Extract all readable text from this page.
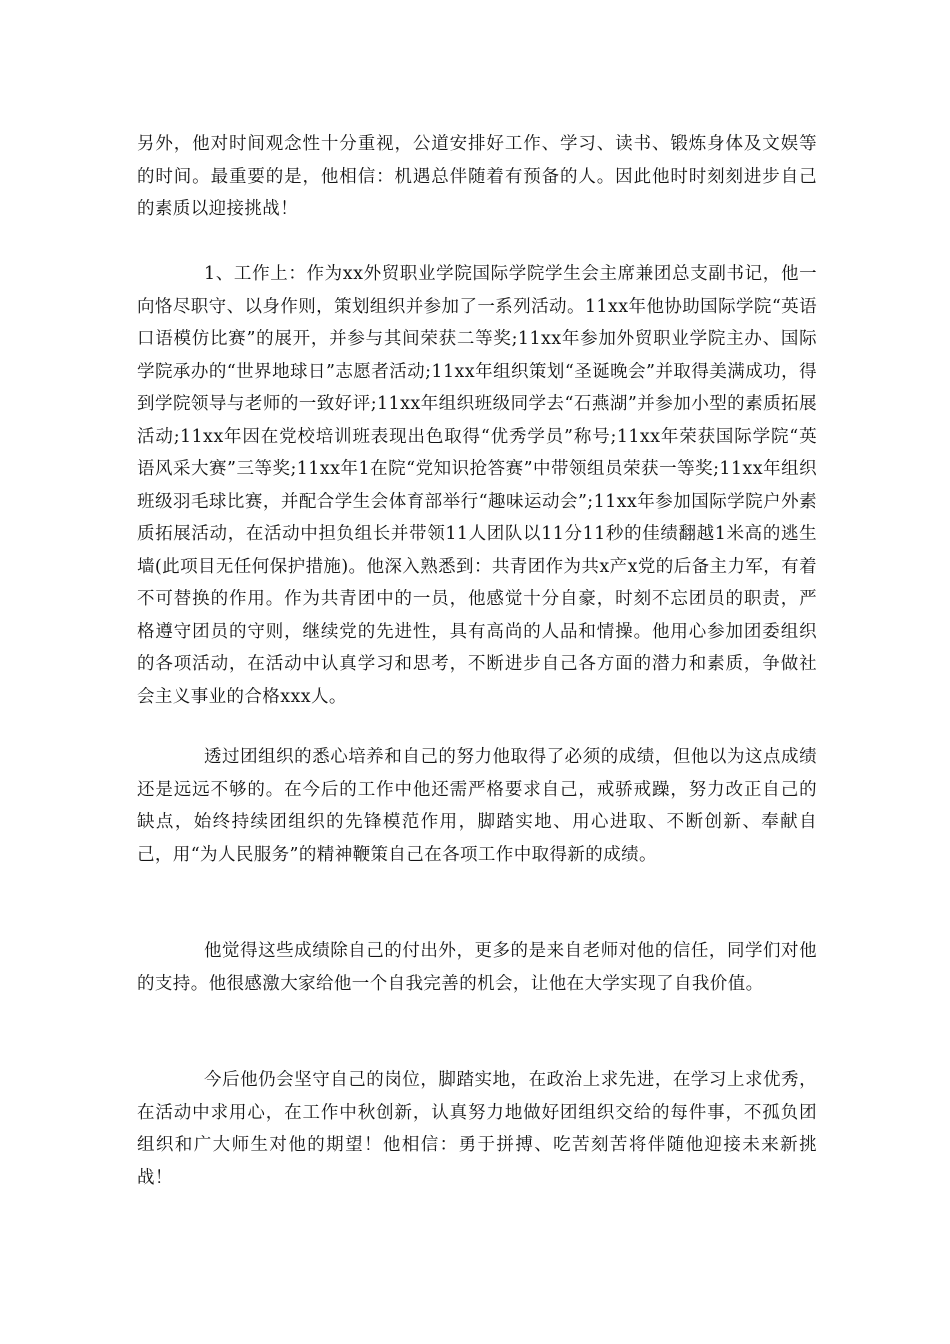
另外，他对时间观念性十分重视，公道安排好工作、学习、读书、锻炼身体及文娱等的时间。最重要的是，他相信：机遇总伴随着有预备的人。因此他时时刻刻进步自己的素质以迎接挑战！

1、工作上：作为xx外贸职业学院国际学院学生会主席兼团总支副书记，他一向恪尽职守、以身作则，策划组织并参加了一系列活动。11xx年他协助国际学院“英语口语模仿比赛”的展开，并参与其间荣获二等奖;11xx年参加外贸职业学院主办、国际学院承办的“世界地球日”志愿者活动;11xx年组织策划“圣诞晚会”并取得美满成功，得到学院领导与老师的一致好评;11xx年组织班级同学去“石燕湖”并参加小型的素质拓展活动;11xx年因在党校培训班表现出色取得“优秀学员”称号;11xx年荣获国际学院“英语风采大赛”三等奖;11xx年1在院“党知识抢答赛”中带领组员荣获一等奖;11xx年组织班级羽毛球比赛，并配合学生会体育部举行“趣味运动会”;11xx年参加国际学院户外素质拓展活动，在活动中担负组长并带领11人团队以11分11秒的佳绩翻越1米高的逃生墙(此项目无任何保护措施)。他深入熟悉到：共青团作为共x产x党的后备主力军，有着不可替换的作用。作为共青团中的一员，他感觉十分自豪，时刻不忘团员的职责，严格遵守团员的守则，继续党的先进性，具有高尚的人品和情操。他用心参加团委组织的各项活动，在活动中认真学习和思考，不断进步自己各方面的潜力和素质，争做社会主义事业的合格xxx人。

透过团组织的悉心培养和自己的努力他取得了必须的成绩，但他以为这点成绩还是远远不够的。在今后的工作中他还需严格要求自己，戒骄戒躁，努力改正自己的缺点，始终持续团组织的先锋模范作用，脚踏实地、用心进取、不断创新、奉献自己，用“为人民服务”的精神鞭策自己在各项工作中取得新的成绩。

他觉得这些成绩除自己的付出外，更多的是来自老师对他的信任，同学们对他的支持。他很感激大家给他一个自我完善的机会，让他在大学实现了自我价值。

今后他仍会坚守自己的岗位，脚踏实地，在政治上求先进，在学习上求优秀，在活动中求用心，在工作中秋创新，认真努力地做好团组织交给的每件事，不孤负团组织和广大师生对他的期望！他相信：勇于拼搏、吃苦刻苦将伴随他迎接未来新挑战！
